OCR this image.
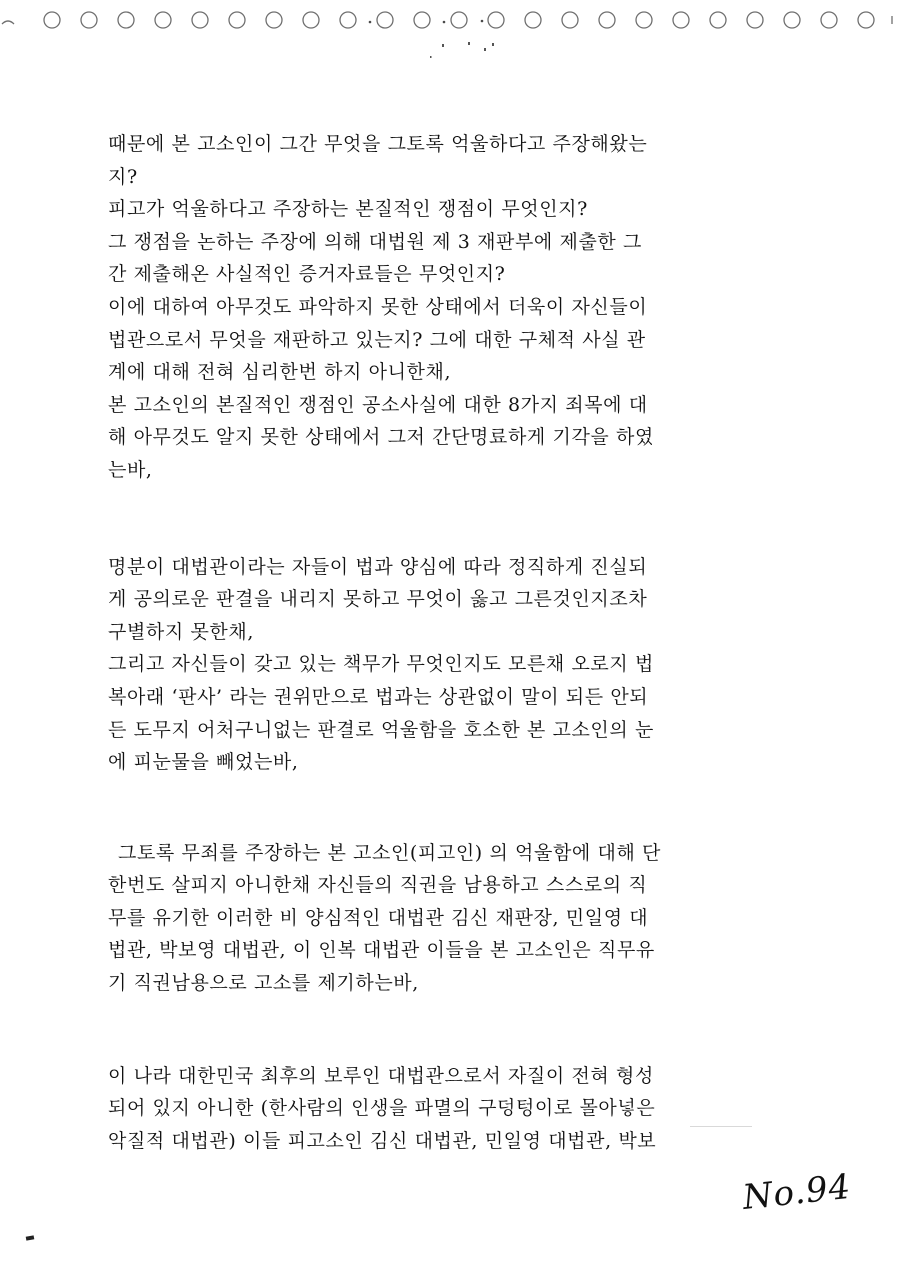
때문에 본 고소인이 그간 무엇을 그토록 억울하다고 주장해왔는
지?
피고가 억울하다고 주장하는 본질적인 쟁점이 무엇인지?
그 쟁점을 논하는 주장에 의해 대법원 제 3 재판부에 제출한 그
간 제출해온 사실적인 증거자료들은 무엇인지?
이에 대하여 아무것도 파악하지 못한 상태에서 더욱이 자신들이
법관으로서 무엇을 재판하고 있는지? 그에 대한 구체적 사실 관
계에 대해 전혀 심리한번 하지 아니한채,
본 고소인의 본질적인 쟁점인 공소사실에 대한 8가지 죄목에 대
해 아무것도 알지 못한 상태에서 그저 간단명료하게 기각을 하였
는바,
명분이 대법관이라는 자들이 법과 양심에 따라 정직하게 진실되
게 공의로운 판결을 내리지 못하고 무엇이 옳고 그른것인지조차
구별하지 못한채,
그리고 자신들이 갖고 있는 책무가 무엇인지도 모른채 오로지 법
복아래 ‘판사’ 라는 권위만으로 법과는 상관없이 말이 되든 안되
든 도무지 어처구니없는 판결로 억울함을 호소한 본 고소인의 눈
에 피눈물을 빼었는바,
그토록 무죄를 주장하는 본 고소인(피고인) 의 억울함에 대해 단
한번도 살피지 아니한채 자신들의 직권을 남용하고 스스로의 직
무를 유기한 이러한 비 양심적인 대법관 김신 재판장, 민일영 대
법관, 박보영 대법관, 이 인복 대법관 이들을 본 고소인은 직무유
기 직권남용으로 고소를 제기하는바,
이 나라 대한민국 최후의 보루인 대법관으로서 자질이 전혀 형성
되어 있지 아니한 (한사람의 인생을 파멸의 구덩텅이로 몰아넣은
악질적 대법관) 이들 피고소인 김신 대법관, 민일영 대법관, 박보
No.94
